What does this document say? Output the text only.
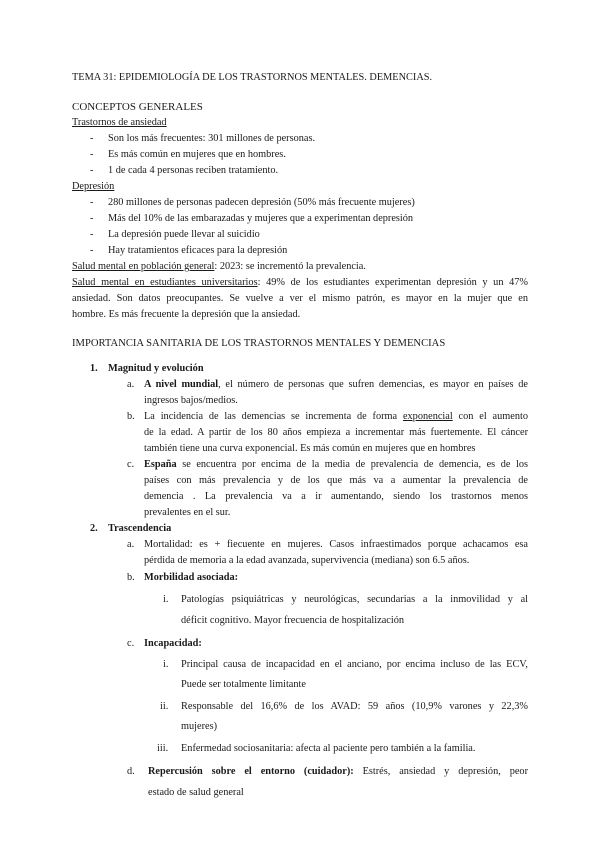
TEMA 31: EPIDEMIOLOGÍA DE LOS TRASTORNOS MENTALES. DEMENCIAS.
CONCEPTOS GENERALES
Trastornos de ansiedad
- Son los más frecuentes: 301 millones de personas.
- Es más común en mujeres que en hombres.
- 1 de cada 4 personas reciben tratamiento.
Depresión
- 280 millones de personas padecen depresión (50% más frecuente mujeres)
- Más del 10% de las embarazadas y mujeres que a experimentan depresión
- La depresión puede llevar al suicidio
- Hay tratamientos eficaces para la depresión
Salud mental en población general: 2023: se incrementó la prevalencia.
Salud mental en estudiantes universitarios: 49% de los estudiantes experimentan depresión y un 47%
ansiedad. Son datos preocupantes. Se vuelve a ver el mismo patrón, es mayor en la mujer que en
hombre. Es más frecuente la depresión que la ansiedad.
IMPORTANCIA SANITARIA DE LOS TRASTORNOS MENTALES Y DEMENCIAS
1. Magnitud y evolución
a. A nivel mundial, el número de personas que sufren demencias, es mayor en países de
ingresos bajos/medios.
b. La incidencia de las demencias se incrementa de forma exponencial con el aumento
de la edad. A partir de los 80 años empieza a incrementar más fuertemente. El cáncer
también tiene una curva exponencial. Es más común en mujeres que en hombres
c. España se encuentra por encima de la media de prevalencia de demencia, es de los
países con más prevalencia y de los que más va a aumentar la prevalencia de
demencia . La prevalencia va a ir aumentando, siendo los trastornos menos
prevalentes en el sur.
2. Trascendencia
a. Mortalidad: es + fiecuente en mujeres. Casos infraestimados porque achacamos esa
pérdida de memoria a la edad avanzada, supervivencia (mediana) son 6.5 años.
b. Morbilidad asociada:
i. Patologías psiquiátricas y neurológicas, secundarias a la inmovilidad y al
déficit cognitivo. Mayor frecuencia de hospitalización
c. Incapacidad:
i. Principal causa de incapacidad en el anciano, por encima incluso de las ECV,
Puede ser totalmente limitante
ii. Responsable del 16,6% de los AVAD: 59 años (10,9% varones y 22,3%
mujeres)
iii. Enfermedad sociosanitaria: afecta al paciente pero también a la familia.
d. Repercusión sobre el entorno (cuidador): Estrés, ansiedad y depresión, peor
estado de salud general
